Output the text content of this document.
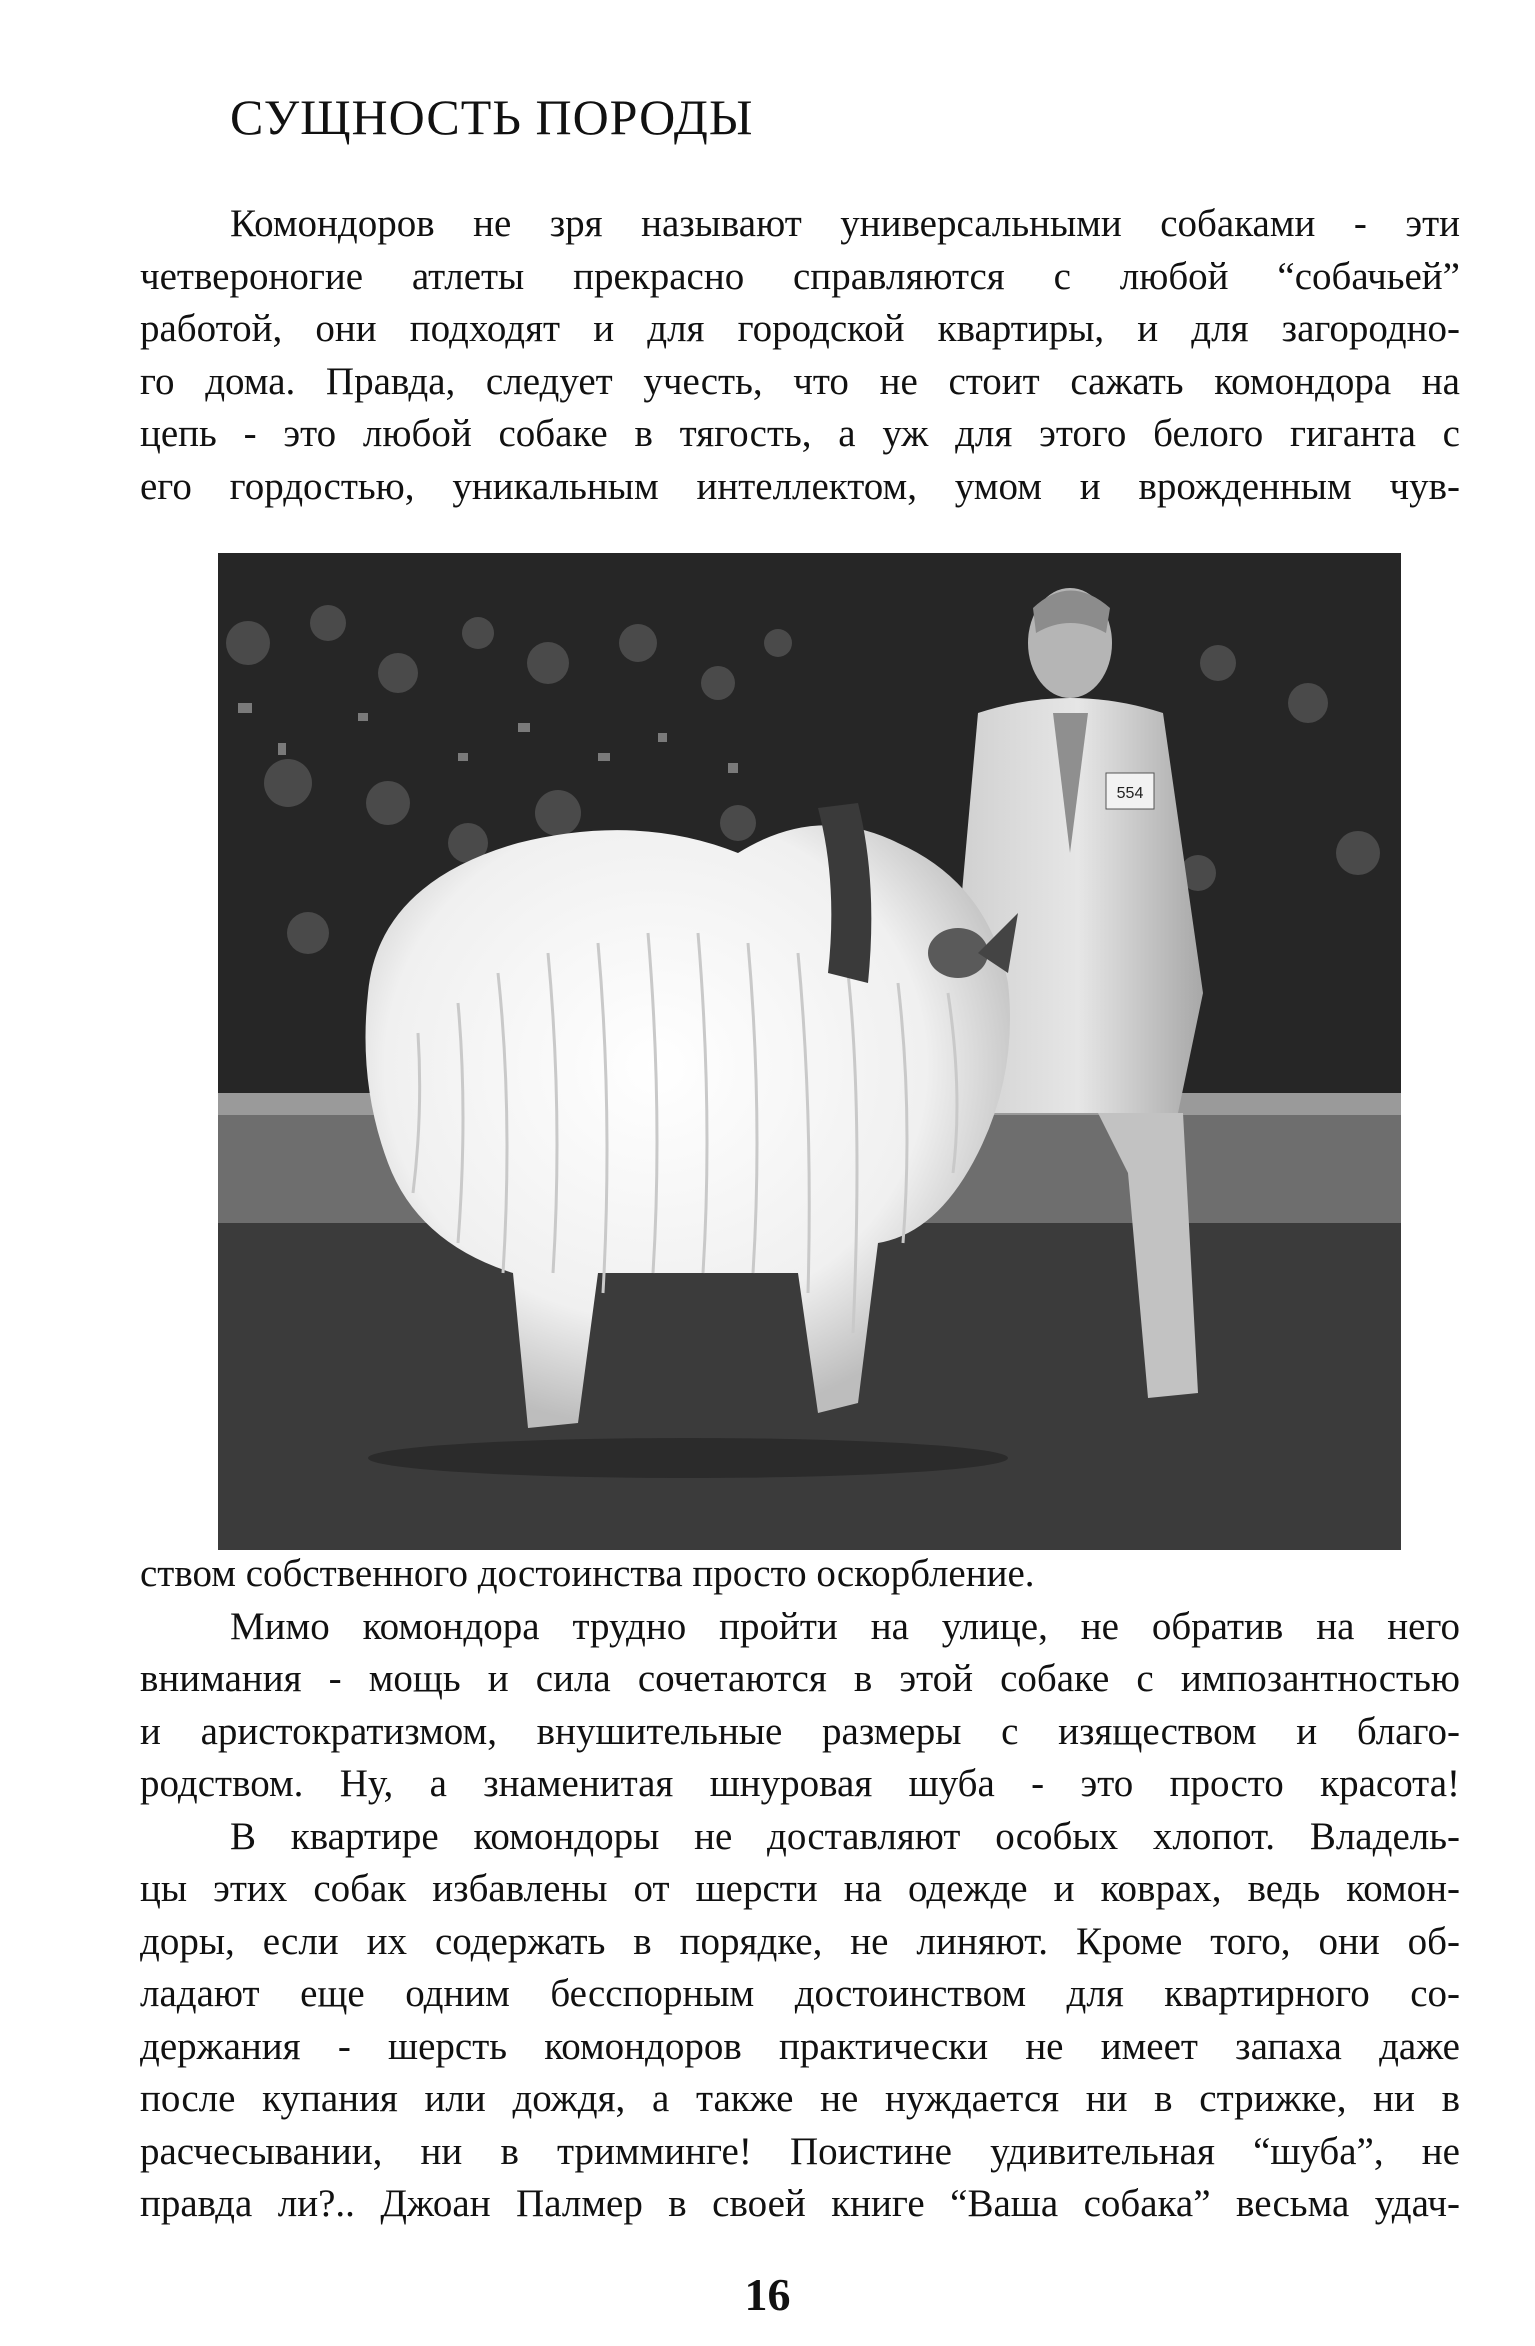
СУЩНОСТЬ ПОРОДЫ
Комондоров не зря называют универсальными собаками - эти
четвероногие атлеты прекрасно справляются с любой “собачьей”
работой, они подходят и для городской квартиры, и для загородно-
го дома. Правда, следует учесть, что не стоит сажать комондора на
цепь - это любой собаке в тягость, а уж для этого белого гиганта с
его гордостью, уникальным интеллектом, умом и врожденным чув-
554
ством собственного достоинства просто оскорбление.
Мимо комондора трудно пройти на улице, не обратив на него
внимания - мощь и сила сочетаются в этой собаке с импозантностью
и аристократизмом, внушительные размеры с изяществом и благо-
родством. Ну, а знаменитая шнуровая шуба - это просто красота!
В квартире комондоры не доставляют особых хлопот. Владель-
цы этих собак избавлены от шерсти на одежде и коврах, ведь комон-
доры, если их содержать в порядке, не линяют. Кроме того, они об-
ладают еще одним бесспорным достоинством для квартирного со-
держания - шерсть комондоров практически не имеет запаха даже
после купания или дождя, а также не нуждается ни в стрижке, ни в
расчесывании, ни в тримминге! Поистине удивительная “шуба”, не
правда ли?.. Джоан Палмер в своей книге “Ваша собака” весьма удач-
16
